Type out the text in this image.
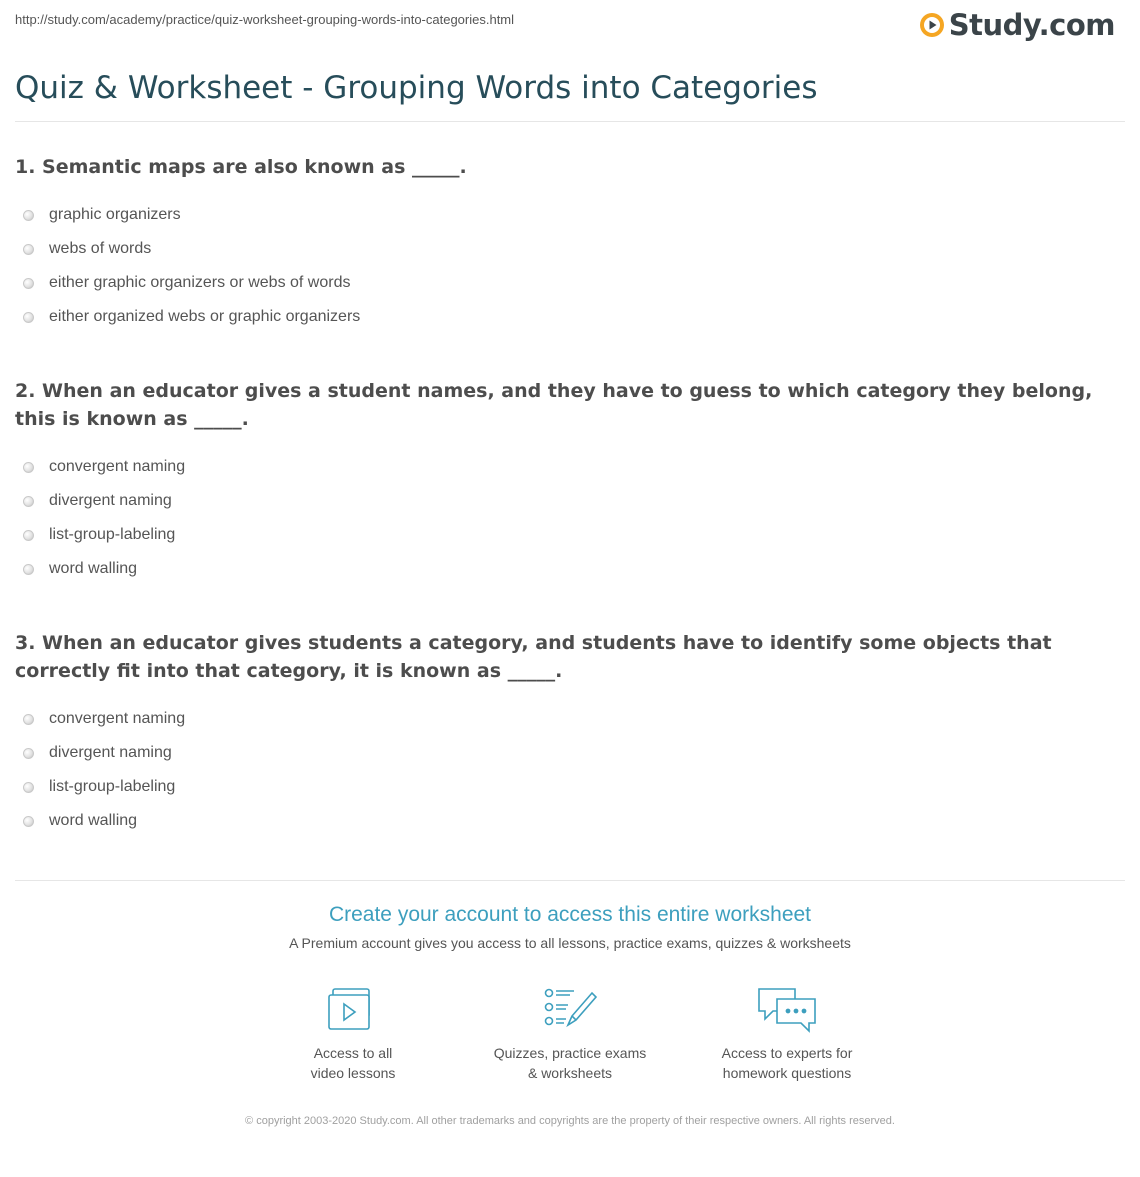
http://study.com/academy/practice/quiz-worksheet-grouping-words-into-categories.html	Study.com
Quiz & Worksheet - Grouping Words into Categories

1. Semantic maps are also known as _____.

graphic organizers
webs of words
either graphic organizers or webs of words
either organized webs or graphic organizers

2. When an educator gives a student names, and they have to guess to which category they belong, this is known as _____.

convergent naming
divergent naming
list-group-labeling
word walling

3. When an educator gives students a category, and students have to identify some objects that correctly fit into that category, it is known as _____.

convergent naming
divergent naming
list-group-labeling
word walling
Create your account to access this entire worksheet

A Premium account gives you access to all lessons, practice exams, quizzes & worksheets

Access to all
video lessons
Quizzes, practice exams
& worksheets
Access to experts for
homework questions
© copyright 2003-2020 Study.com. All other trademarks and copyrights are the property of their respective owners. All rights reserved.
